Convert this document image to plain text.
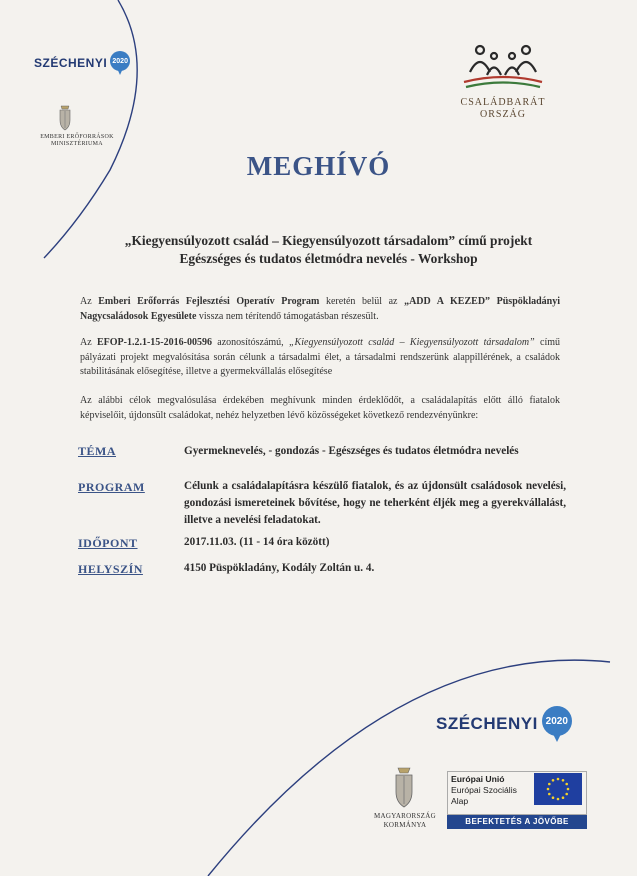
SZÉCHENYI 2020
EMBERI ERŐFORRÁSOK MINISZTÉRIUMA
CSALÁDBARÁT
ORSZÁG
MEGHÍVÓ
„Kiegyensúlyozott család – Kiegyensúlyozott társadalom” című projekt
Egészséges és tudatos életmódra nevelés - Workshop
Az Emberi Erőforrás Fejlesztési Operatív Program keretén belül az „ADD A KEZED” Püspökladányi Nagycsaládosok Egyesülete vissza nem térítendő támogatásban részesült.
Az EFOP-1.2.1-15-2016-00596 azonosítószámú, „Kiegyensúlyozott család – Kiegyensúlyozott társadalom” című pályázati projekt megvalósítása során célunk a társadalmi élet, a társadalmi rendszerünk alappillérének, a családok stabilitásának elősegítése, illetve a gyermekvállalás elősegítése
Az alábbi célok megvalósulása érdekében meghívunk minden érdeklődőt, a családalapítás előtt álló fiatalok képviselőit, újdonsült családokat, nehéz helyzetben lévő közösségeket következő rendezvényünkre:
TÉMA	Gyermeknevelés, - gondozás - Egészséges és tudatos életmódra nevelés
PROGRAM	Célunk a családalapításra készülő fiatalok, és az újdonsült családosok nevelési, gondozási ismereteinek bővítése, hogy ne teherként éljék meg a gyerekvállalást, illetve a nevelési feladatokat.
IDŐPONT	2017.11.03. (11 - 14 óra között)
HELYSZÍN	4150 Püspökladány, Kodály Zoltán u. 4.
SZÉCHENYI 2020
MAGYARORSZÁG KORMÁNYA
Európai Unió
Európai Szociális
Alap
BEFEKTETÉS A JÖVŐBE
